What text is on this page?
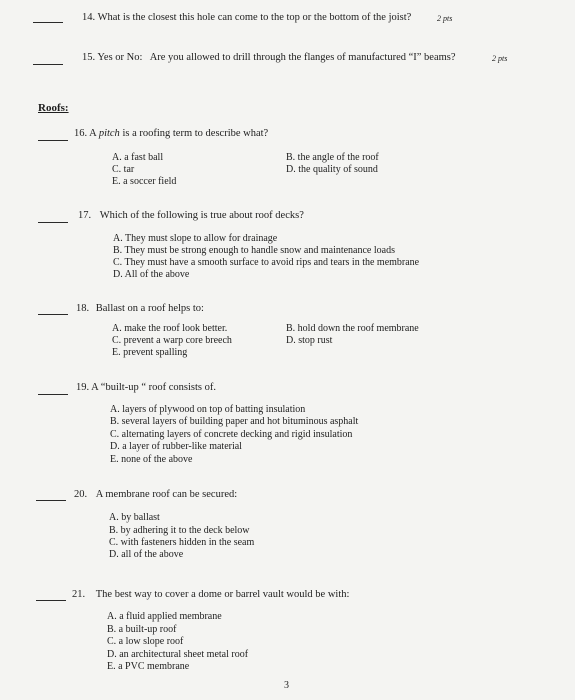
14. What is the closest this hole can come to the top or the bottom of the joist?	2 pts
15. Yes or No:   Are you allowed to drill through the flanges of manufactured “I” beams?	2 pts
Roofs:
16. A pitch is a roofing term to describe what?
A. a fast ball	B. the angle of the roof
C. tar	D. the quality of sound
E. a soccer field
17. Which of the following is true about roof decks?
A. They must slope to allow for drainage
B. They must be strong enough to handle snow and maintenance loads
C. They must have a smooth surface to avoid rips and tears in the membrane
D. All of the above
18. Ballast on a roof helps to:
A. make the roof look better.	B. hold down the roof membrane
C. prevent a warp core breech	D. stop rust
E. prevent spalling
19. A “built-up “ roof consists of.
A. layers of plywood on top of batting insulation
B. several layers of building paper and hot bituminous asphalt
C. alternating layers of concrete decking and rigid insulation
D. a layer of rubber-like material
E. none of the above
20. A membrane roof can be secured:
A. by ballast
B. by adhering it to the deck below
C. with fasteners hidden in the seam
D. all of the above
21. The best way to cover a dome or barrel vault would be with:
A. a fluid applied membrane
B. a built-up roof
C. a low slope roof
D. an architectural sheet metal roof
E. a PVC membrane
3
